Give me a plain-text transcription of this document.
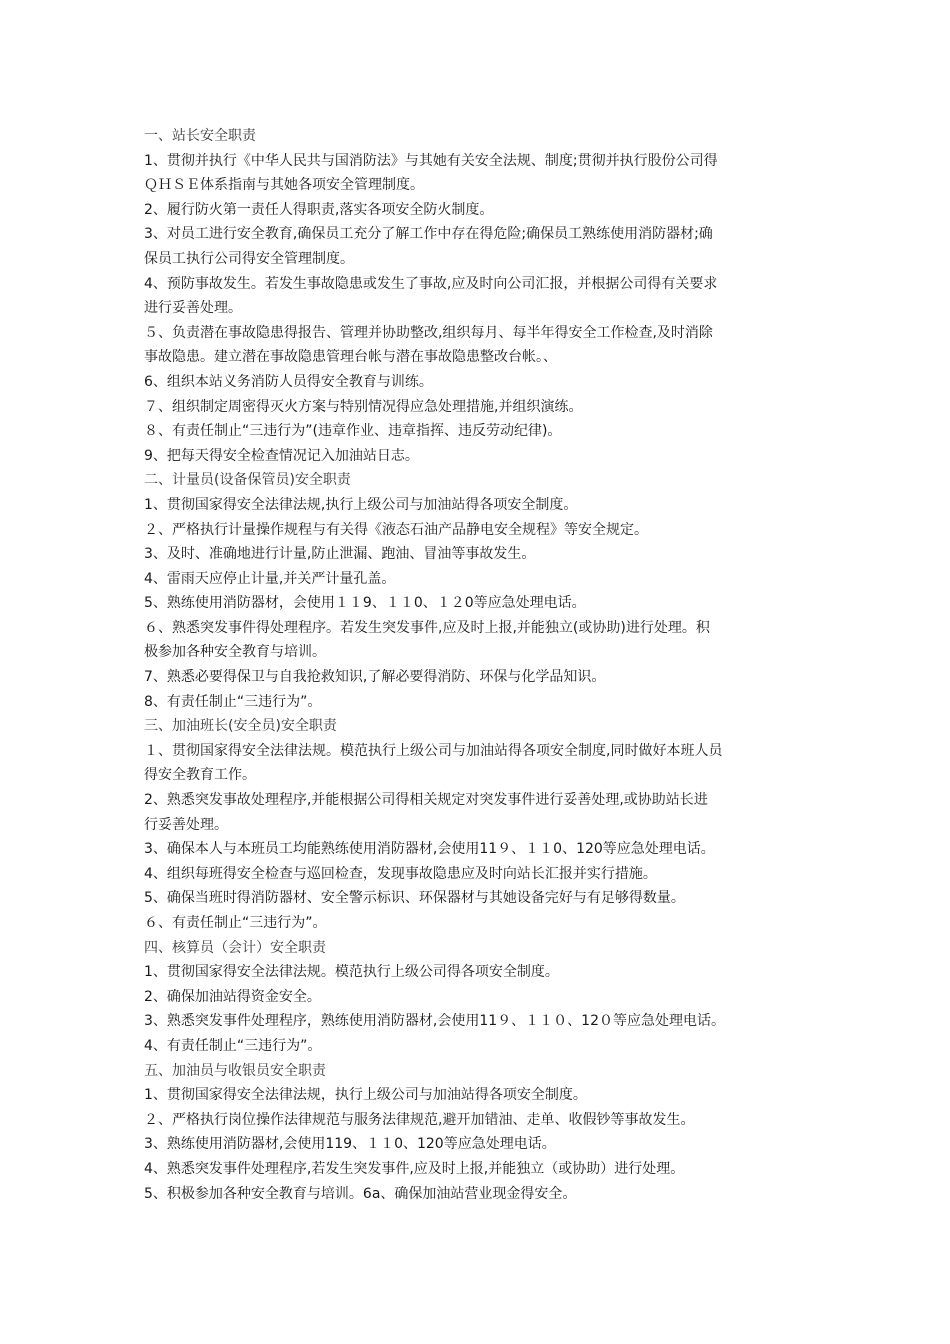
一、站长安全职责
1、贯彻并执行《中华人民共与国消防法》与其她有关安全法规、制度;贯彻并执行股份公司得
ＱＨＳＥ体系指南与其她各项安全管理制度。
2、履行防火第一责任人得职责,落实各项安全防火制度。
3、对员工进行安全教育,确保员工充分了解工作中存在得危险;确保员工熟练使用消防器材;确
保员工执行公司得安全管理制度。
4、预防事故发生。若发生事故隐患或发生了事故,应及时向公司汇报，并根据公司得有关要求
进行妥善处理。
５、负责潜在事故隐患得报告、管理并协助整改,组织每月、每半年得安全工作检查,及时消除
事故隐患。建立潜在事故隐患管理台帐与潜在事故隐患整改台帐。、
6、组织本站义务消防人员得安全教育与训练。
７、组织制定周密得灭火方案与特别情况得应急处理措施,并组织演练。
８、有责任制止“三违行为”(违章作业、违章指挥、违反劳动纪律)。
9、把每天得安全检查情况记入加油站日志。
二、计量员(设备保管员)安全职责
1、贯彻国家得安全法律法规,执行上级公司与加油站得各项安全制度。
２、严格执行计量操作规程与有关得《液态石油产品静电安全规程》等安全规定。
3、及时、准确地进行计量,防止泄漏、跑油、冒油等事故发生。
4、雷雨天应停止计量,并关严计量孔盖。
5、熟练使用消防器材，会使用１１9、１１0、１２0等应急处理电话。
６、熟悉突发事件得处理程序。若发生突发事件,应及时上报,并能独立(或协助)进行处理。积
极参加各种安全教育与培训。
7、熟悉必要得保卫与自我抢救知识,了解必要得消防、环保与化学品知识。
8、有责任制止“三违行为”。
三、加油班长(安全员)安全职责
１、贯彻国家得安全法律法规。模范执行上级公司与加油站得各项安全制度,同时做好本班人员
得安全教育工作。
2、熟悉突发事故处理程序,并能根据公司得相关规定对突发事件进行妥善处理,或协助站长进
行妥善处理。
3、确保本人与本班员工均能熟练使用消防器材,会使用11９、１１0、120等应急处理电话。
4、组织每班得安全检查与巡回检查，发现事故隐患应及时向站长汇报并实行措施。
5、确保当班时得消防器材、安全警示标识、环保器材与其她设备完好与有足够得数量。
６、有责任制止“三违行为”。
四、核算员（会计）安全职责
1、贯彻国家得安全法律法规。模范执行上级公司得各项安全制度。
2、确保加油站得资金安全。
3、熟悉突发事件处理程序，熟练使用消防器材,会使用11９、１１０、12０等应急处理电话。
4、有责任制止“三违行为”。
五、加油员与收银员安全职责
1、贯彻国家得安全法律法规，执行上级公司与加油站得各项安全制度。
２、严格执行岗位操作法律规范与服务法律规范,避开加错油、走单、收假钞等事故发生。
3、熟练使用消防器材,会使用119、１１0、120等应急处理电话。
4、熟悉突发事件处理程序,若发生突发事件,应及时上报,并能独立（或协助）进行处理。
5、积极参加各种安全教育与培训。6a、确保加油站营业现金得安全。
